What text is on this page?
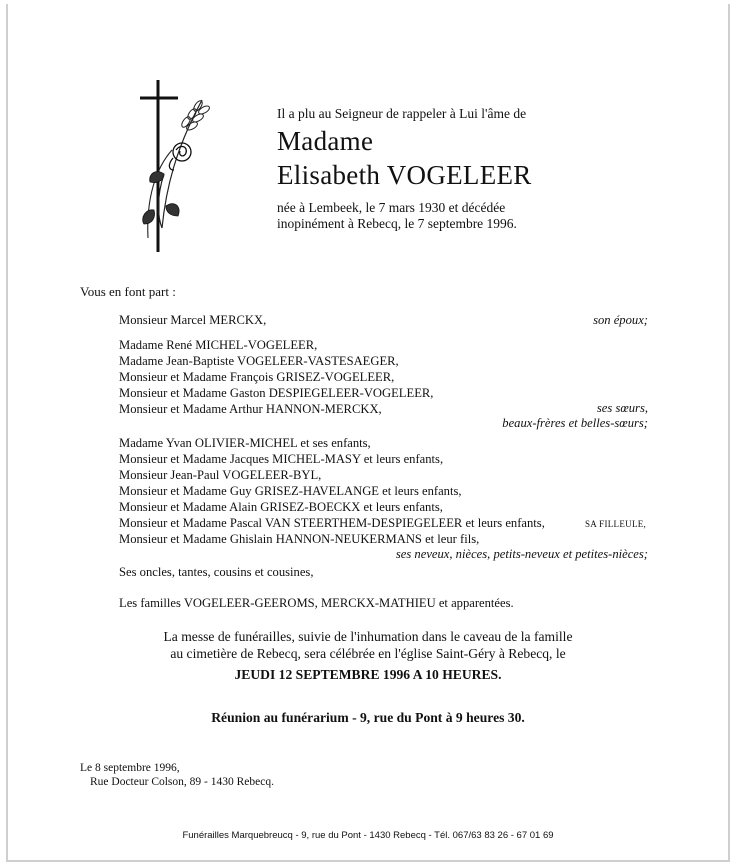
Il a plu au Seigneur de rappeler à Lui l'âme de
Madame
Elisabeth VOGELEER
née à Lembeek, le 7 mars 1930 et décédée
inopinément à Rebecq, le 7 septembre 1996.
Vous en font part :
Monsieur Marcel MERCKX,	son époux;
Madame René MICHEL-VOGELEER,
Madame Jean-Baptiste VOGELEER-VASTESAEGER,
Monsieur et Madame François GRISEZ-VOGELEER,
Monsieur et Madame Gaston DESPIEGELEER-VOGELEER,
Monsieur et Madame Arthur HANNON-MERCKX,	ses sœurs,
beaux-frères et belles-sœurs;
Madame Yvan OLIVIER-MICHEL et ses enfants,
Monsieur et Madame Jacques MICHEL-MASY et leurs enfants,
Monsieur Jean-Paul VOGELEER-BYL,
Monsieur et Madame Guy GRISEZ-HAVELANGE et leurs enfants,
Monsieur et Madame Alain GRISEZ-BOECKX et leurs enfants,
Monsieur et Madame Pascal VAN STEERTHEM-DESPIEGELEER et leurs enfants,	SA FILLEULE,
Monsieur et Madame Ghislain HANNON-NEUKERMANS et leur fils,
ses neveux, nièces, petits-neveux et petites-nièces;
Ses oncles, tantes, cousins et cousines,
Les familles VOGELEER-GEEROMS, MERCKX-MATHIEU et apparentées.
La messe de funérailles, suivie de l'inhumation dans le caveau de la famille
au cimetière de Rebecq, sera célébrée en l'église Saint-Géry à Rebecq, le
JEUDI 12 SEPTEMBRE 1996 A 10 HEURES.
Réunion au funérarium - 9, rue du Pont à 9 heures 30.
Le 8 septembre 1996,
Rue Docteur Colson, 89 - 1430 Rebecq.
Funérailles Marquebreucq - 9, rue du Pont - 1430 Rebecq - Tél. 067/63 83 26 - 67 01 69
